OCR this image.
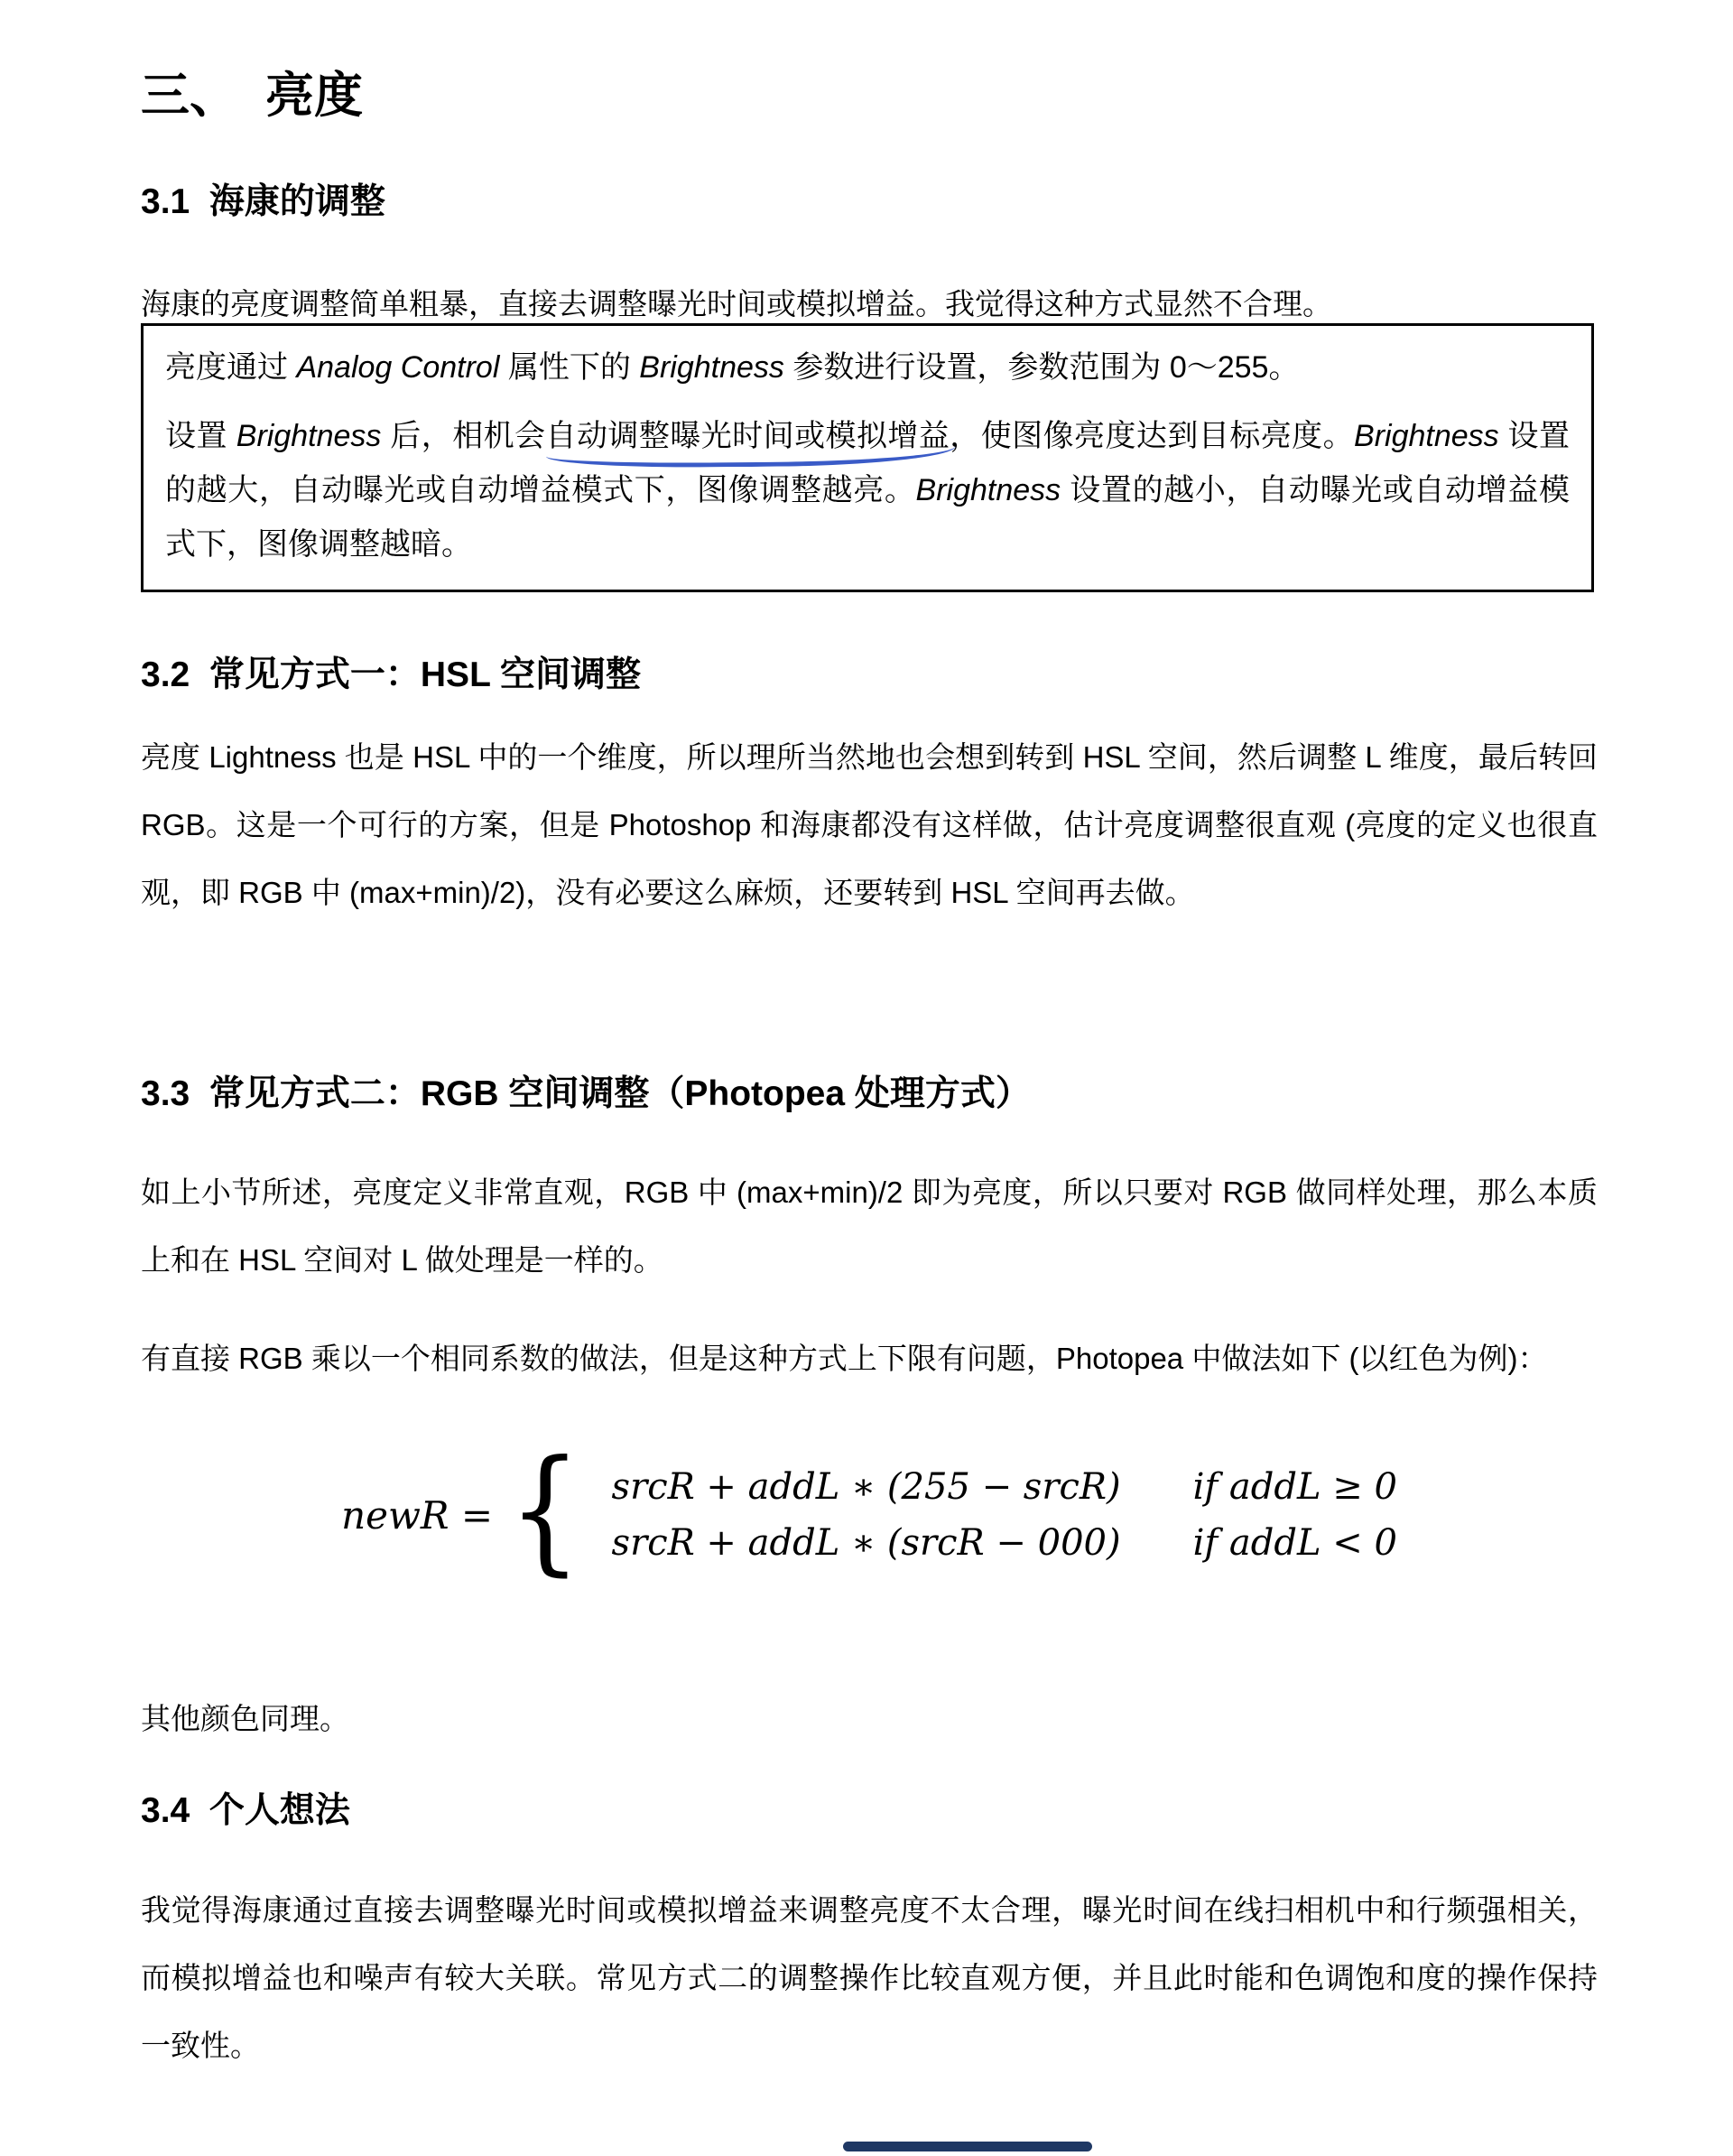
三、 亮度
3.1  海康的调整

海康的亮度调整简单粗暴，直接去调整曝光时间或模拟增益。我觉得这种方式显然不合理。

亮度通过 Analog Control 属性下的 Brightness 参数进行设置，参数范围为 0～255。

设置 Brightness 后，相机会自动调整曝光时间或模拟增益，使图像亮度达到目标亮度。Brightness 设置的越大，自动曝光或自动增益模式下，图像调整越亮。Brightness 设置的越小，自动曝光或自动增益模式下，图像调整越暗。

3.2  常见方式一：HSL 空间调整

亮度 Lightness 也是 HSL 中的一个维度，所以理所当然地也会想到转到 HSL 空间，然后调整 L 维度，最后转回 RGB。这是一个可行的方案，但是 Photoshop 和海康都没有这样做，估计亮度调整很直观 (亮度的定义也很直观，即 RGB 中 (max+min)/2)，没有必要这么麻烦，还要转到 HSL 空间再去做。

3.3  常见方式二：RGB 空间调整（Photopea 处理方式）

如上小节所述，亮度定义非常直观，RGB 中 (max+min)/2 即为亮度，所以只要对 RGB 做同样处理，那么本质上和在 HSL 空间对 L 做处理是一样的。

有直接 RGB 乘以一个相同系数的做法，但是这种方式上下限有问题，Photopea 中做法如下 (以红色为例)：

newR = { srcR + addL ∗ (255 − srcR) if addL ≥ 0
srcR + addL ∗ (srcR − 000) if addL < 0

其他颜色同理。

3.4  个人想法

我觉得海康通过直接去调整曝光时间或模拟增益来调整亮度不太合理，曝光时间在线扫相机中和行频强相关，而模拟增益也和噪声有较大关联。常见方式二的调整操作比较直观方便，并且此时能和色调饱和度的操作保持一致性。
